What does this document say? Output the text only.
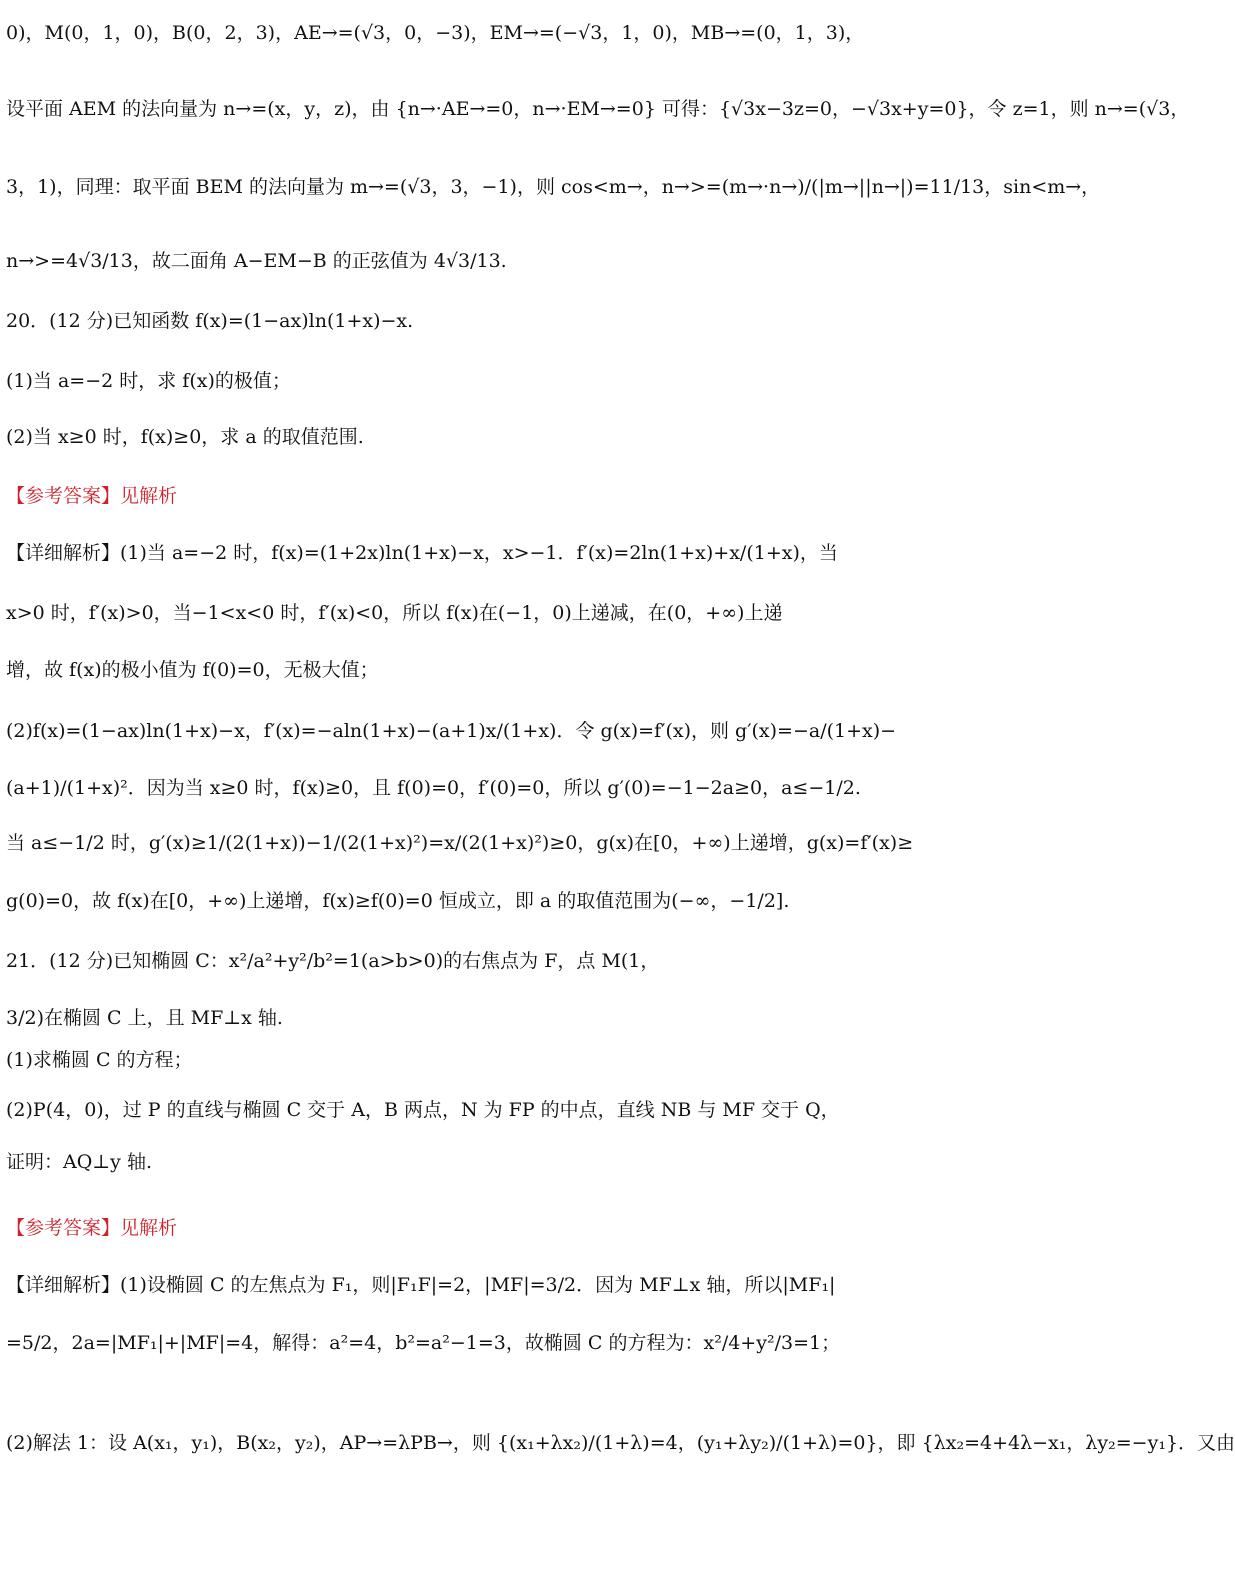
0)，M(0，1，0)，B(0，2，3)，AE→=(√3，0，−3)，EM→=(−√3，1，0)，MB→=(0，1，3)，
设平面 AEM 的法向量为 n→=(x，y，z)，由 {n→·AE→=0，n→·EM→=0} 可得：{√3x−3z=0，−√3x+y=0}，令 z=1，则 n→=(√3，
3，1)，同理：取平面 BEM 的法向量为 m→=(√3，3，−1)，则 cos<m→，n→>=(m→·n→)/(|m→||n→|)=11/13，sin<m→，
n→>=4√3/13，故二面角 A−EM−B 的正弦值为 4√3/13.
20．(12 分)已知函数 f(x)=(1−ax)ln(1+x)−x.
(1)当 a=−2 时，求 f(x)的极值；
(2)当 x≥0 时，f(x)≥0，求 a 的取值范围.
【参考答案】见解析
【详细解析】(1)当 a=−2 时，f(x)=(1+2x)ln(1+x)−x，x>−1．f′(x)=2ln(1+x)+x/(1+x)，当
x>0 时，f′(x)>0，当−1<x<0 时，f′(x)<0，所以 f(x)在(−1，0)上递减，在(0，+∞)上递
增，故 f(x)的极小值为 f(0)=0，无极大值；
(2)f(x)=(1−ax)ln(1+x)−x，f′(x)=−aln(1+x)−(a+1)x/(1+x)．令 g(x)=f′(x)，则 g′(x)=−a/(1+x)−
(a+1)/(1+x)²．因为当 x≥0 时，f(x)≥0，且 f(0)=0，f′(0)=0，所以 g′(0)=−1−2a≥0，a≤−1/2.
当 a≤−1/2 时，g′(x)≥1/(2(1+x))−1/(2(1+x)²)=x/(2(1+x)²)≥0，g(x)在[0，+∞)上递增，g(x)=f′(x)≥
g(0)=0，故 f(x)在[0，+∞)上递增，f(x)≥f(0)=0 恒成立，即 a 的取值范围为(−∞，−1/2].
21．(12 分)已知椭圆 C：x²/a²+y²/b²=1(a>b>0)的右焦点为 F，点 M(1，
3/2)在椭圆 C 上，且 MF⊥x 轴.
(1)求椭圆 C 的方程；
(2)P(4，0)，过 P 的直线与椭圆 C 交于 A，B 两点，N 为 FP 的中点，直线 NB 与 MF 交于 Q，
证明：AQ⊥y 轴.
【参考答案】见解析
【详细解析】(1)设椭圆 C 的左焦点为 F₁，则|F₁F|=2，|MF|=3/2．因为 MF⊥x 轴，所以|MF₁|
=5/2，2a=|MF₁|+|MF|=4，解得：a²=4，b²=a²−1=3，故椭圆 C 的方程为：x²/4+y²/3=1；
(2)解法 1：设 A(x₁，y₁)，B(x₂，y₂)，AP→=λPB→，则 {(x₁+λx₂)/(1+λ)=4，(y₁+λy₂)/(1+λ)=0}，即 {λx₂=4+4λ−x₁，λy₂=−y₁}．又由
